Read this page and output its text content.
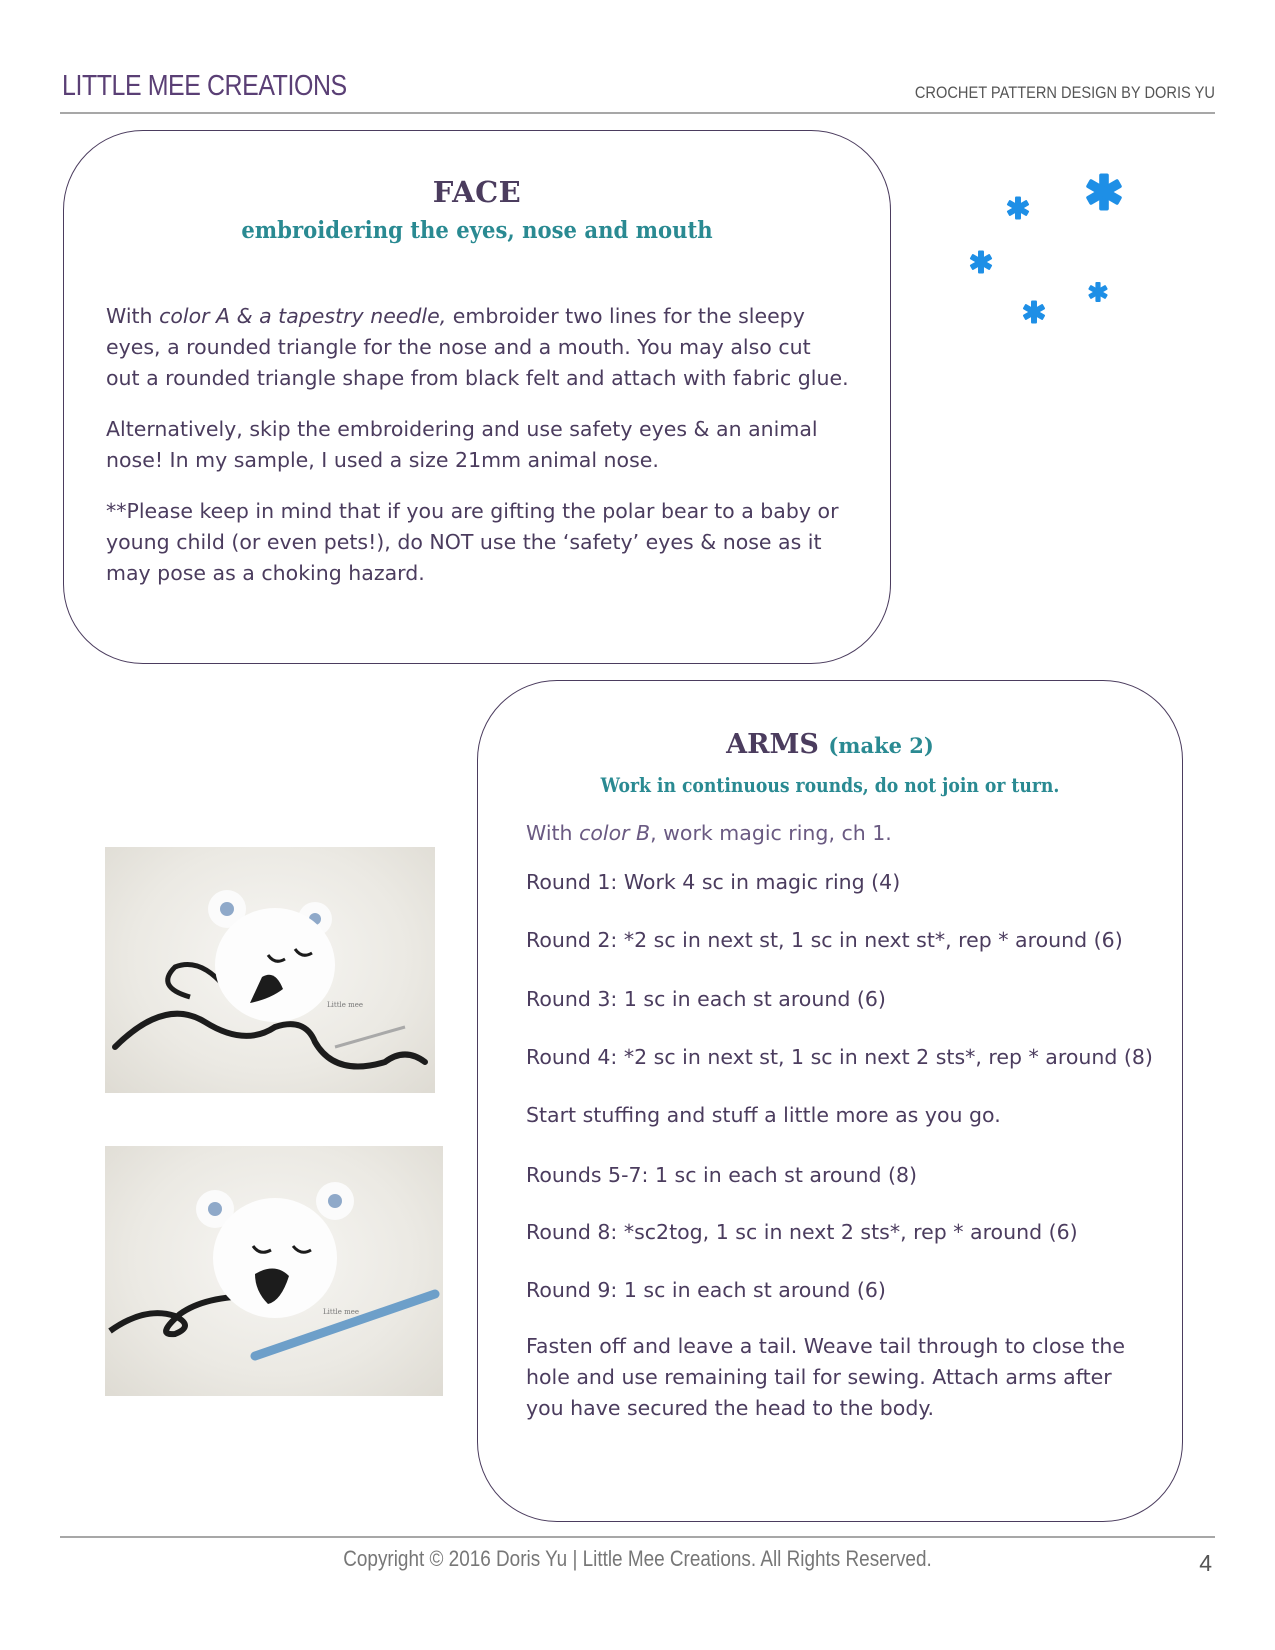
LITTLE MEE CREATIONS	CROCHET PATTERN DESIGN BY DORIS YU
FACE
embroidering the eyes, nose and mouth

With color A & a tapestry needle, embroider two lines for the sleepy eyes, a rounded triangle for the nose and a mouth. You may also cut out a rounded triangle shape from black felt and attach with fabric glue.

Alternatively, skip the embroidering and use safety eyes & an animal nose! In my sample, I used a size 21mm animal nose.

**Please keep in mind that if you are gifting the polar bear to a baby or young child (or even pets!), do NOT use the ‘safety’ eyes & nose as it may pose as a choking hazard.

Little mee
Little mee
ARMS (make 2)
Work in continuous rounds, do not join or turn.
With color B, work magic ring, ch 1.
Round 1: Work 4 sc in magic ring (4)
Round 2: *2 sc in next st, 1 sc in next st*, rep * around (6)
Round 3: 1 sc in each st around (6)
Round 4: *2 sc in next st, 1 sc in next 2 sts*, rep * around (8)
Start stuffing and stuff a little more as you go.
Rounds 5-7: 1 sc in each st around (8)
Round 8: *sc2tog, 1 sc in next 2 sts*, rep * around (6)
Round 9: 1 sc in each st around (6)
Fasten off and leave a tail. Weave tail through to close the hole and use remaining tail for sewing. Attach arms after you have secured the head to the body.
Copyright © 2016 Doris Yu | Little Mee Creations. All Rights Reserved.	4
